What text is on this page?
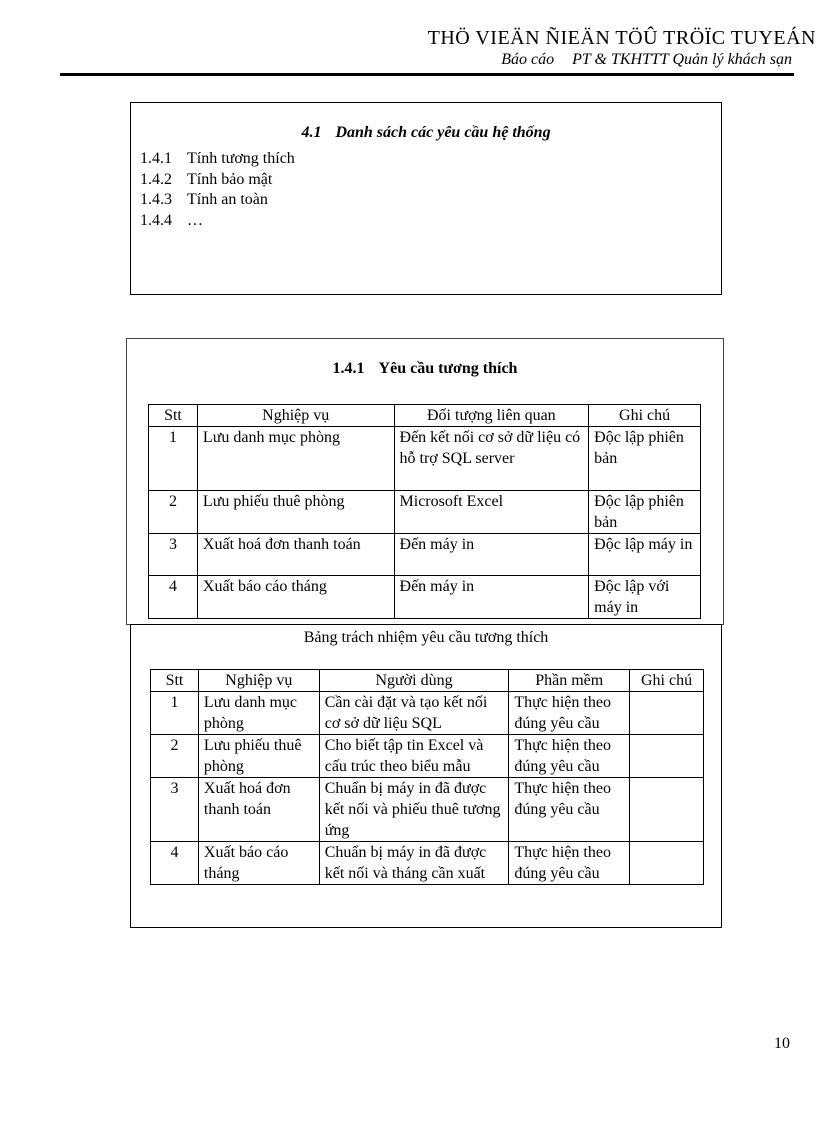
THÖ VIEÄN ÑIEÄN TÖÛ TRÖÏC TUYEÁN
Báo cáo PT & TKHTTT Quản lý khách sạn
4.1 Danh sách các yêu cầu hệ thống
1.4.1 Tính tương thích
1.4.2 Tính bảo mật
1.4.3 Tính an toàn
1.4.4 …
1.4.1 Yêu cầu tương thích
Stt	Nghiệp vụ	Đối tượng liên quan	Ghi chú
1	Lưu danh mục phòng	Đến kết nối cơ sở dữ liệu có hỗ trợ SQL server	Độc lập phiên bản
2	Lưu phiếu thuê phòng	Microsoft Excel	Độc lập phiên bản
3	Xuất hoá đơn thanh toán	Đến máy in	Độc lập máy in
4	Xuất báo cáo tháng	Đến máy in	Độc lập với máy in
Bảng trách nhiệm yêu cầu tương thích
Stt	Nghiệp vụ	Người dùng	Phần mềm	Ghi chú
1	Lưu danh mục phòng	Cần cài đặt và tạo kết nối cơ sở dữ liệu SQL	Thực hiện theo đúng yêu cầu	
2	Lưu phiếu thuê phòng	Cho biết tập tin Excel và cấu trúc theo biểu mẫu	Thực hiện theo đúng yêu cầu	
3	Xuất hoá đơn thanh toán	Chuẩn bị máy in đã được kết nối và phiếu thuê tương ứng	Thực hiện theo đúng yêu cầu	
4	Xuất báo cáo tháng	Chuẩn bị máy in đã được kết nối và tháng cần xuất	Thực hiện theo đúng yêu cầu	
10
